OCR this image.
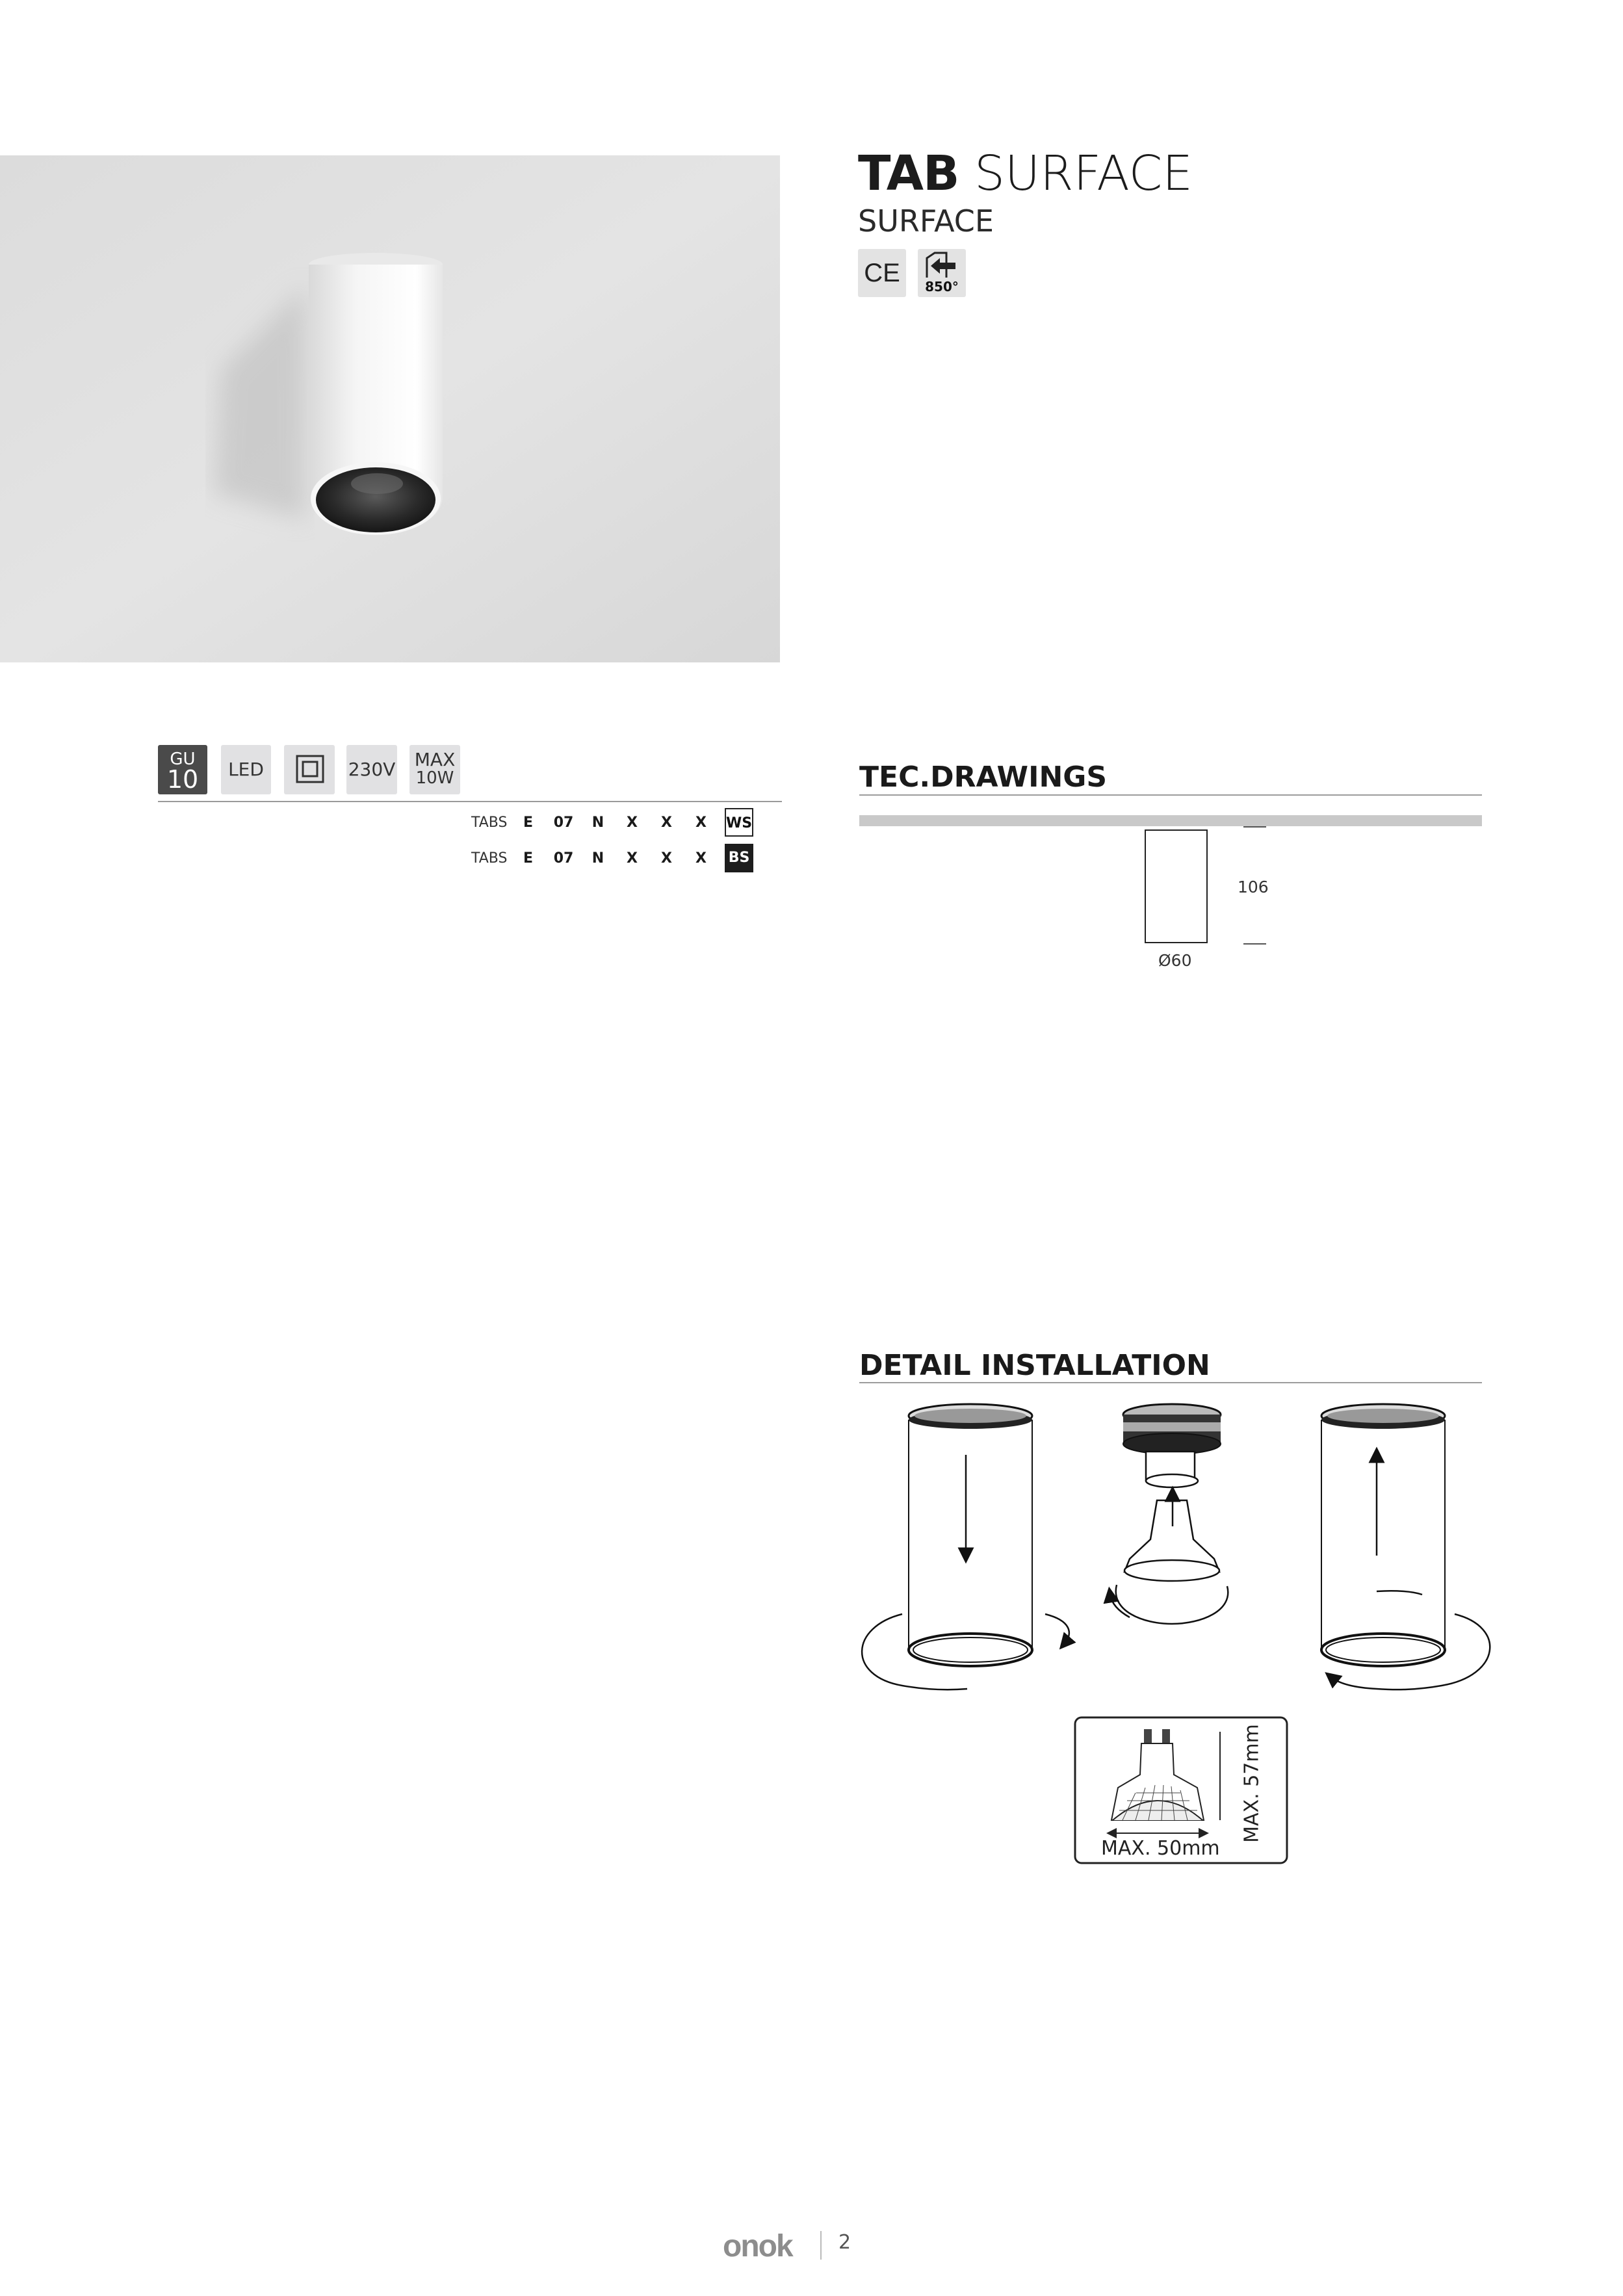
TAB SURFACE
SURFACE
CE	850°
GU
10	LED	230V MAX
10W
TABS	E	07	N	X	X	X	WS
TABS	E	07	N	X	X	X	BS
TEC.DRAWINGS
106
Ø60
DETAIL INSTALLATION
MAX. 57mm
MAX. 50mm
onok 2
